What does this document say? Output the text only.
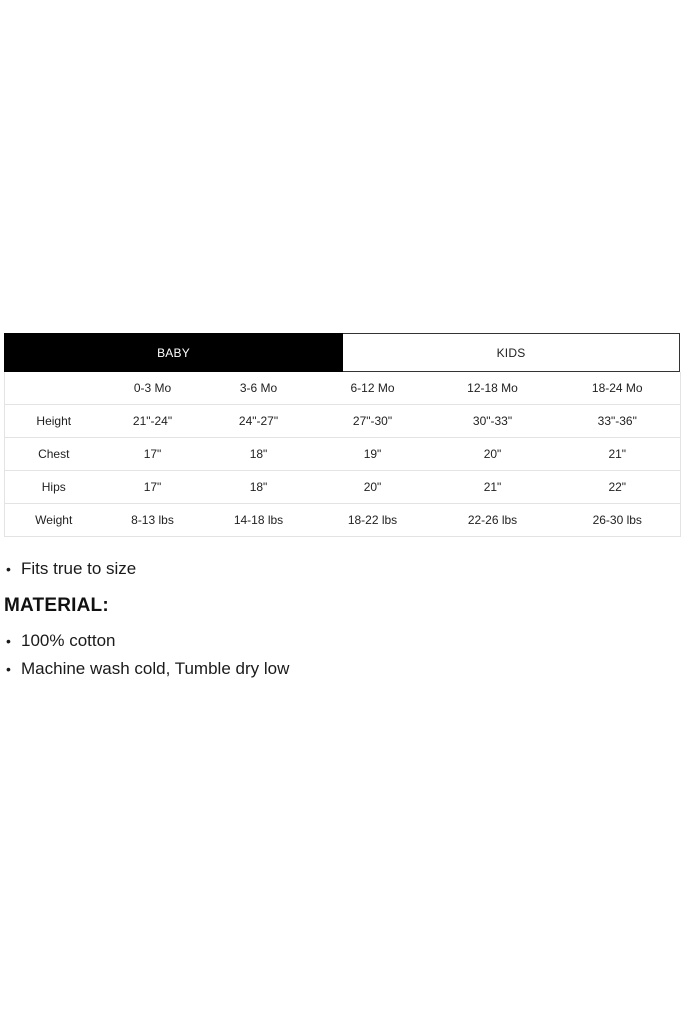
BABY	KIDS
	0-3 Mo	3-6 Mo	6-12 Mo	12-18 Mo	18-24 Mo
Height	21"-24"	24"-27"	27"-30"	30"-33"	33"-36"
Chest	17"	18"	19"	20"	21"
Hips	17"	18"	20"	21"	22"
Weight	8-13 lbs	14-18 lbs	18-22 lbs	22-26 lbs	26-30 lbs
• Fits true to size
MATERIAL:
• 100% cotton
• Machine wash cold, Tumble dry low
